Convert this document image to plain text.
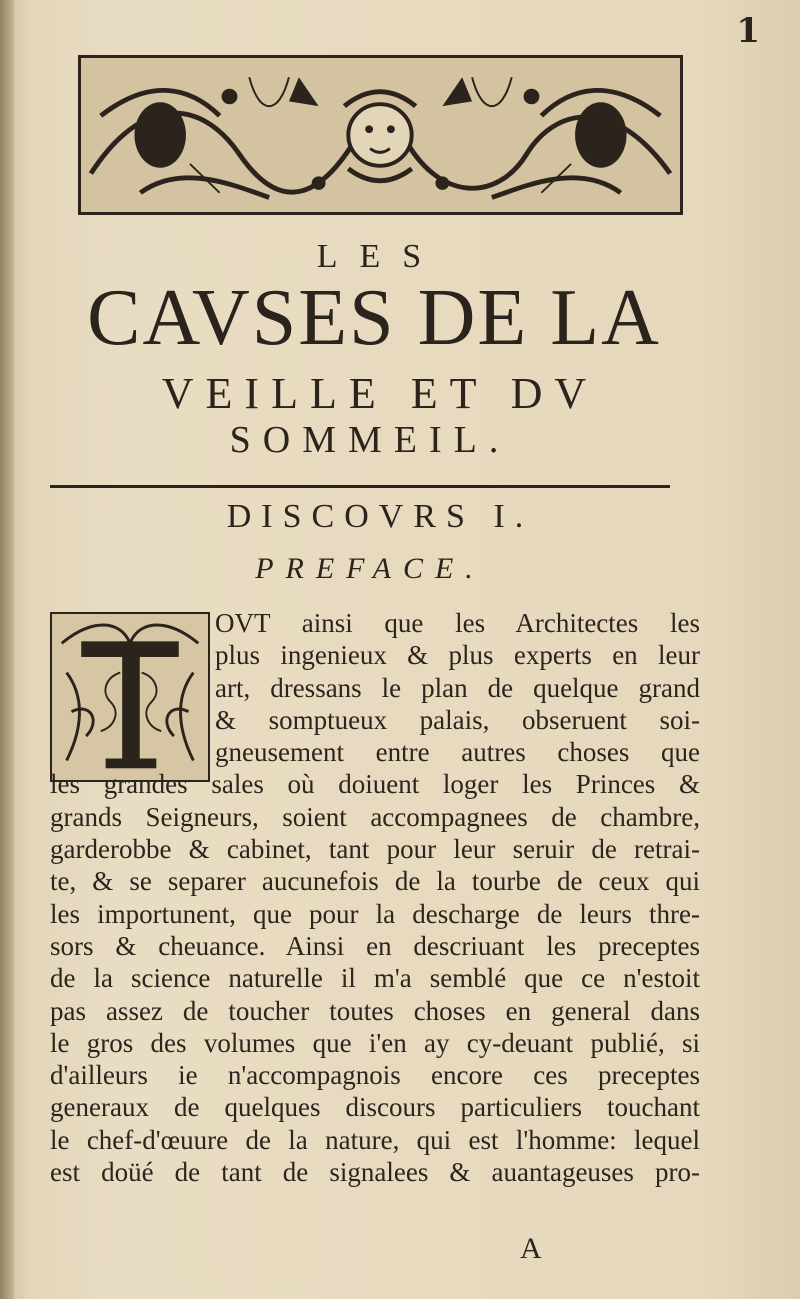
1
LES
CAVSES DE LA
VEILLE ET DV
SOMMEIL.
DISCOVRS I.
PREFACE.
OVT ainsi que les Architectes les
plus ingenieux & plus experts en leur
art, dressans le plan de quelque grand
& somptueux palais, obseruent soi-
gneusement entre autres choses que
les grandes sales où doiuent loger les Princes &
grands Seigneurs, soient accompagnees de chambre,
garderobbe & cabinet, tant pour leur seruir de retrai-
te, & se separer aucunefois de la tourbe de ceux qui
les importunent, que pour la descharge de leurs thre-
sors & cheuance. Ainsi en descriuant les preceptes
de la science naturelle il m'a semblé que ce n'estoit
pas assez de toucher toutes choses en general dans
le gros des volumes que i'en ay cy-deuant publié, si
d'ailleurs ie n'accompagnois encore ces preceptes
generaux de quelques discours particuliers touchant
le chef-d'œuure de la nature, qui est l'homme: lequel
est doüé de tant de signalees & auantageuses pro-
A
